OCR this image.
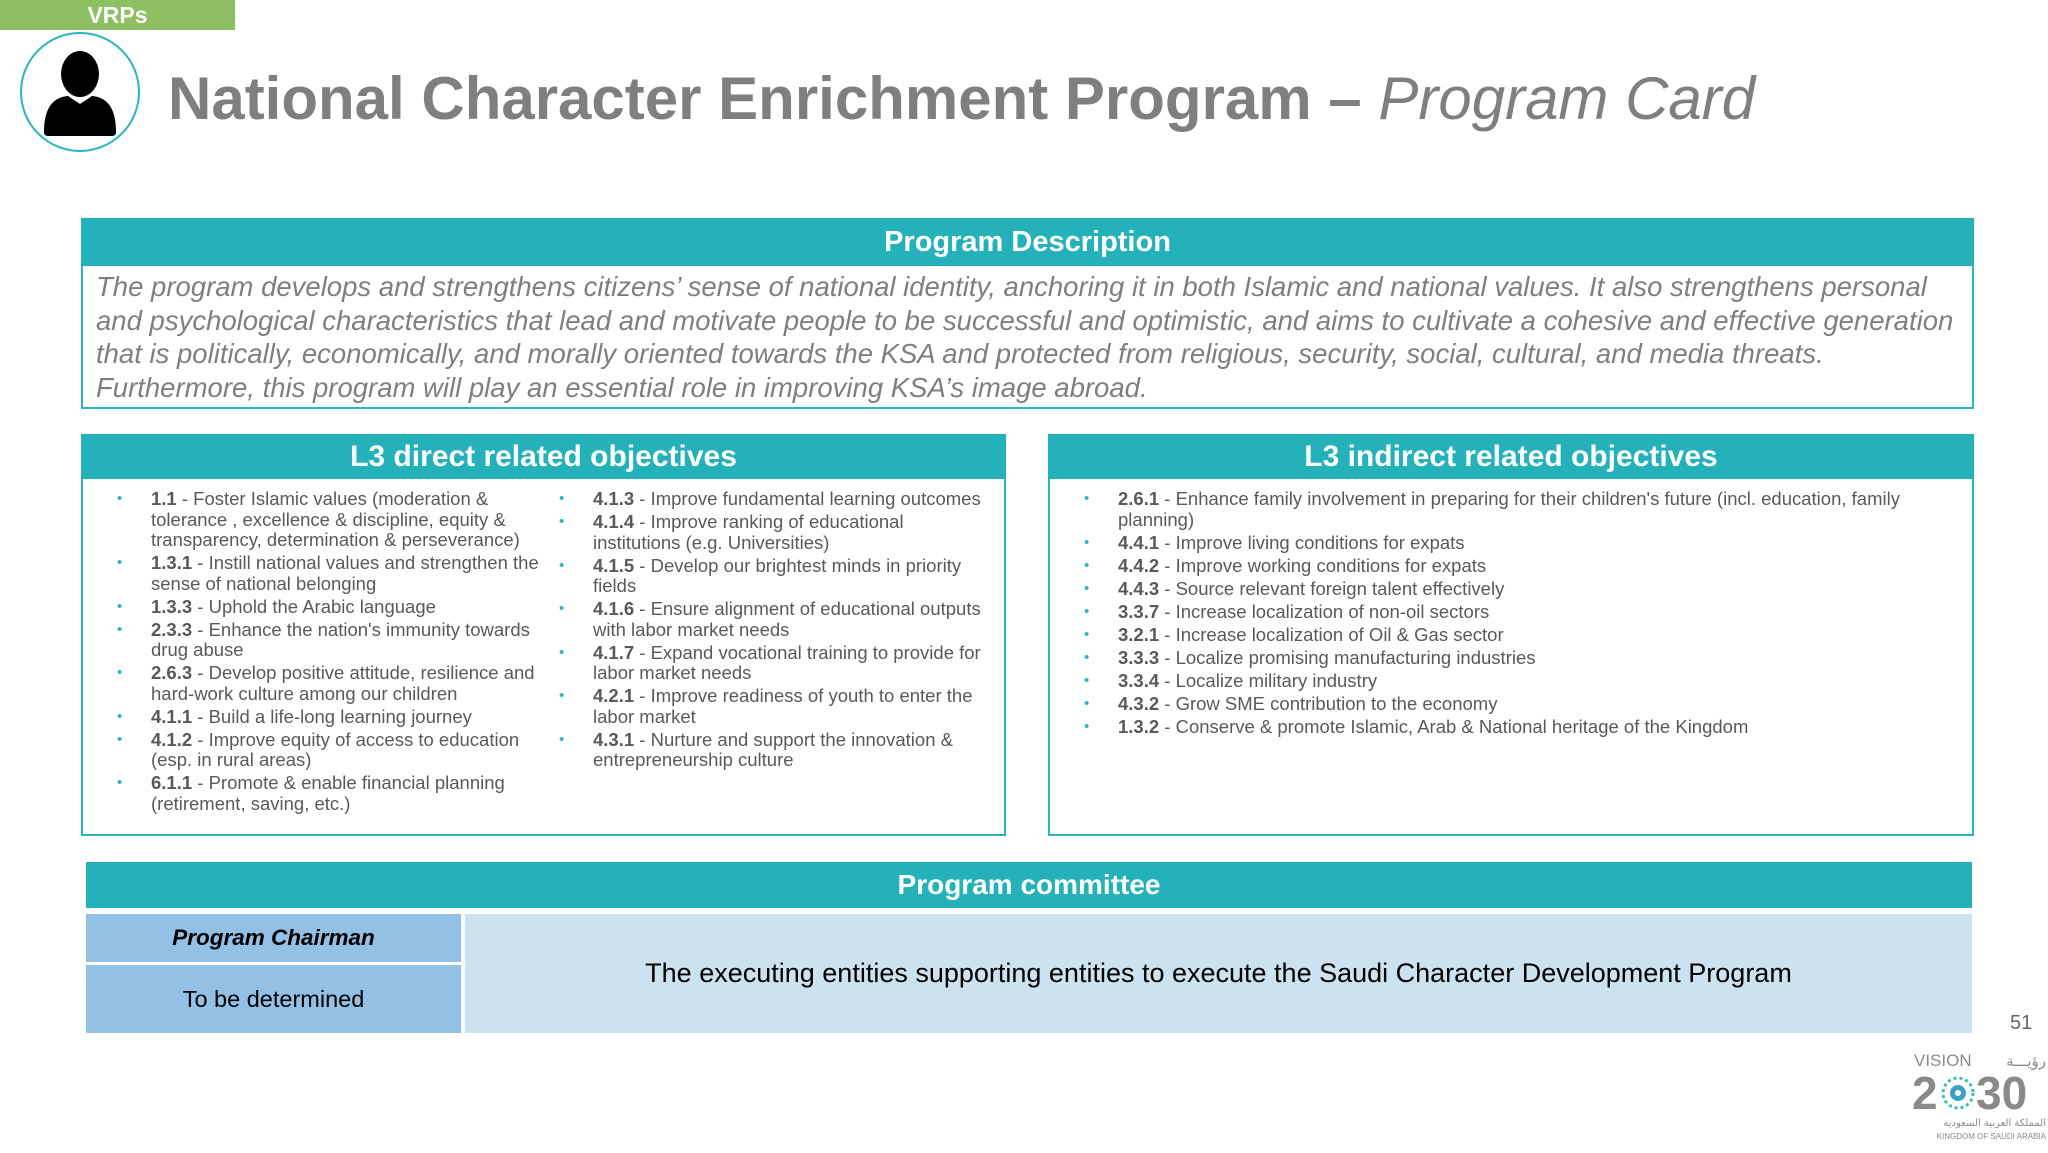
VRPs
National Character Enrichment Program – Program Card
Program Description
The program develops and strengthens citizens’ sense of national identity, anchoring it in both Islamic and national values. It also strengthens personal and psychological characteristics that lead and motivate people to be successful and optimistic, and aims to cultivate a cohesive and effective generation that is politically, economically, and morally oriented towards the KSA and protected from religious, security, social, cultural, and media threats. Furthermore, this program will play an essential role in improving KSA’s image abroad.
L3 direct related objectives
• 1.1 - Foster Islamic values (moderation & tolerance , excellence & discipline, equity & transparency, determination & perseverance)
• 1.3.1 - Instill national values and strengthen the sense of national belonging
• 1.3.3 - Uphold the Arabic language
• 2.3.3 - Enhance the nation's immunity towards drug abuse
• 2.6.3 - Develop positive attitude, resilience and hard-work culture among our children
• 4.1.1 - Build a life-long learning journey
• 4.1.2 - Improve equity of access to education (esp. in rural areas)
• 6.1.1 - Promote & enable financial planning (retirement, saving, etc.)
• 4.1.3 - Improve fundamental learning outcomes
• 4.1.4 - Improve ranking of educational institutions (e.g. Universities)
• 4.1.5 - Develop our brightest minds in priority fields
• 4.1.6 - Ensure alignment of educational outputs with labor market needs
• 4.1.7 - Expand vocational training to provide for labor market needs
• 4.2.1 - Improve readiness of youth to enter the labor market
• 4.3.1 - Nurture and support the innovation & entrepreneurship culture
L3 indirect related objectives
• 2.6.1 - Enhance family involvement in preparing for their children's future (incl. education, family planning)
• 4.4.1 - Improve living conditions for expats
• 4.4.2 - Improve working conditions for expats
• 4.4.3 - Source relevant foreign talent effectively
• 3.3.7 - Increase localization of non-oil sectors
• 3.2.1 - Increase localization of Oil & Gas sector
• 3.3.3 - Localize promising manufacturing industries
• 3.3.4 - Localize military industry
• 4.3.2 - Grow SME contribution to the economy
• 1.3.2 - Conserve & promote Islamic, Arab & National heritage of the Kingdom
Program committee
Program Chairman
To be determined
The executing entities supporting entities to execute the Saudi Character Development Program
51
VISION رؤيـــة
2 30
المملكة العربية السعودية
KINGDOM OF SAUDI ARABIA
